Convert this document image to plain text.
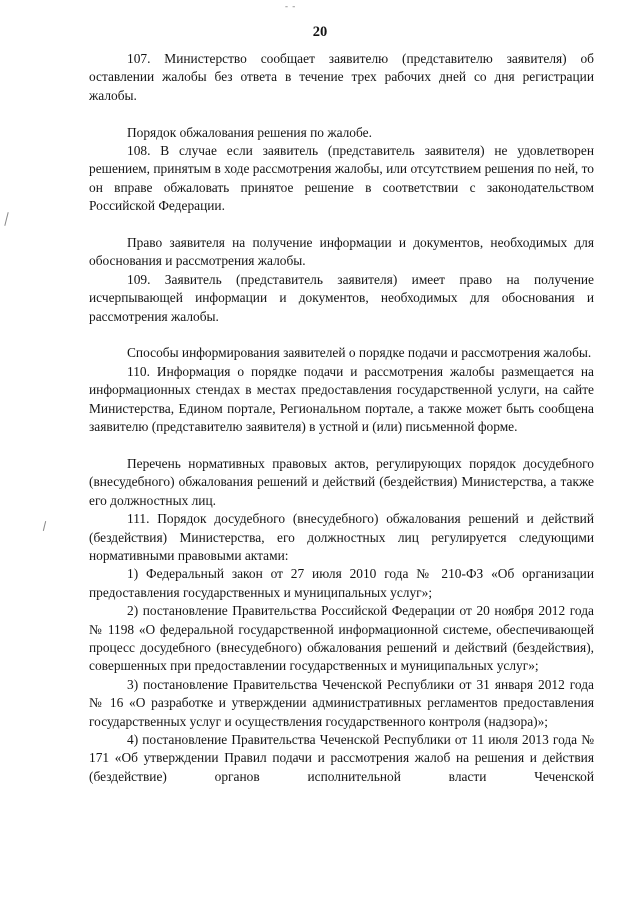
- -
20

107. Министерство сообщает заявителю (представителю заявителя) об оставлении жалобы без ответа в течение трех рабочих дней со дня регистрации жалобы.

Порядок обжалования решения по жалобе.

108. В случае если заявитель (представитель заявителя) не удовлетворен решением, принятым в ходе рассмотрения жалобы, или отсутствием решения по ней, то он вправе обжаловать принятое решение в соответствии с законодательством Российской Федерации.

Право заявителя на получение информации и документов, необходимых для обоснования и рассмотрения жалобы.

109. Заявитель (представитель заявителя) имеет право на получение исчерпывающей информации и документов, необходимых для обоснования и рассмотрения жалобы.

Способы информирования заявителей о порядке подачи и рассмотрения жалобы.

110. Информация о порядке подачи и рассмотрения жалобы размещается на информационных стендах в местах предоставления государственной услуги, на сайте Министерства, Едином портале, Региональном портале, а также может быть сообщена заявителю (представителю заявителя) в устной и (или) письменной форме.

Перечень нормативных правовых актов, регулирующих порядок досудебного (внесудебного) обжалования решений и действий (бездействия) Министерства, а также его должностных лиц.

111. Порядок досудебного (внесудебного) обжалования решений и действий (бездействия) Министерства, его должностных лиц регулируется следующими нормативными правовыми актами:

1) Федеральный закон от 27 июля 2010 года № 210-ФЗ «Об организации предоставления государственных и муниципальных услуг»;

2) постановление Правительства Российской Федерации от 20 ноября 2012 года № 1198 «О федеральной государственной информационной системе, обеспечивающей процесс досудебного (внесудебного) обжалования решений и действий (бездействия), совершенных при предоставлении государственных и муниципальных услуг»;

3) постановление Правительства Чеченской Республики от 31 января 2012 года № 16 «О разработке и утверждении административных регламентов предоставления государственных услуг и осуществления государственного контроля (надзора)»;

4) постановление Правительства Чеченской Республики от 11 июля 2013 года № 171 «Об утверждении Правил подачи и рассмотрения жалоб на решения и действия (бездействие) органов исполнительной власти Чеченской
